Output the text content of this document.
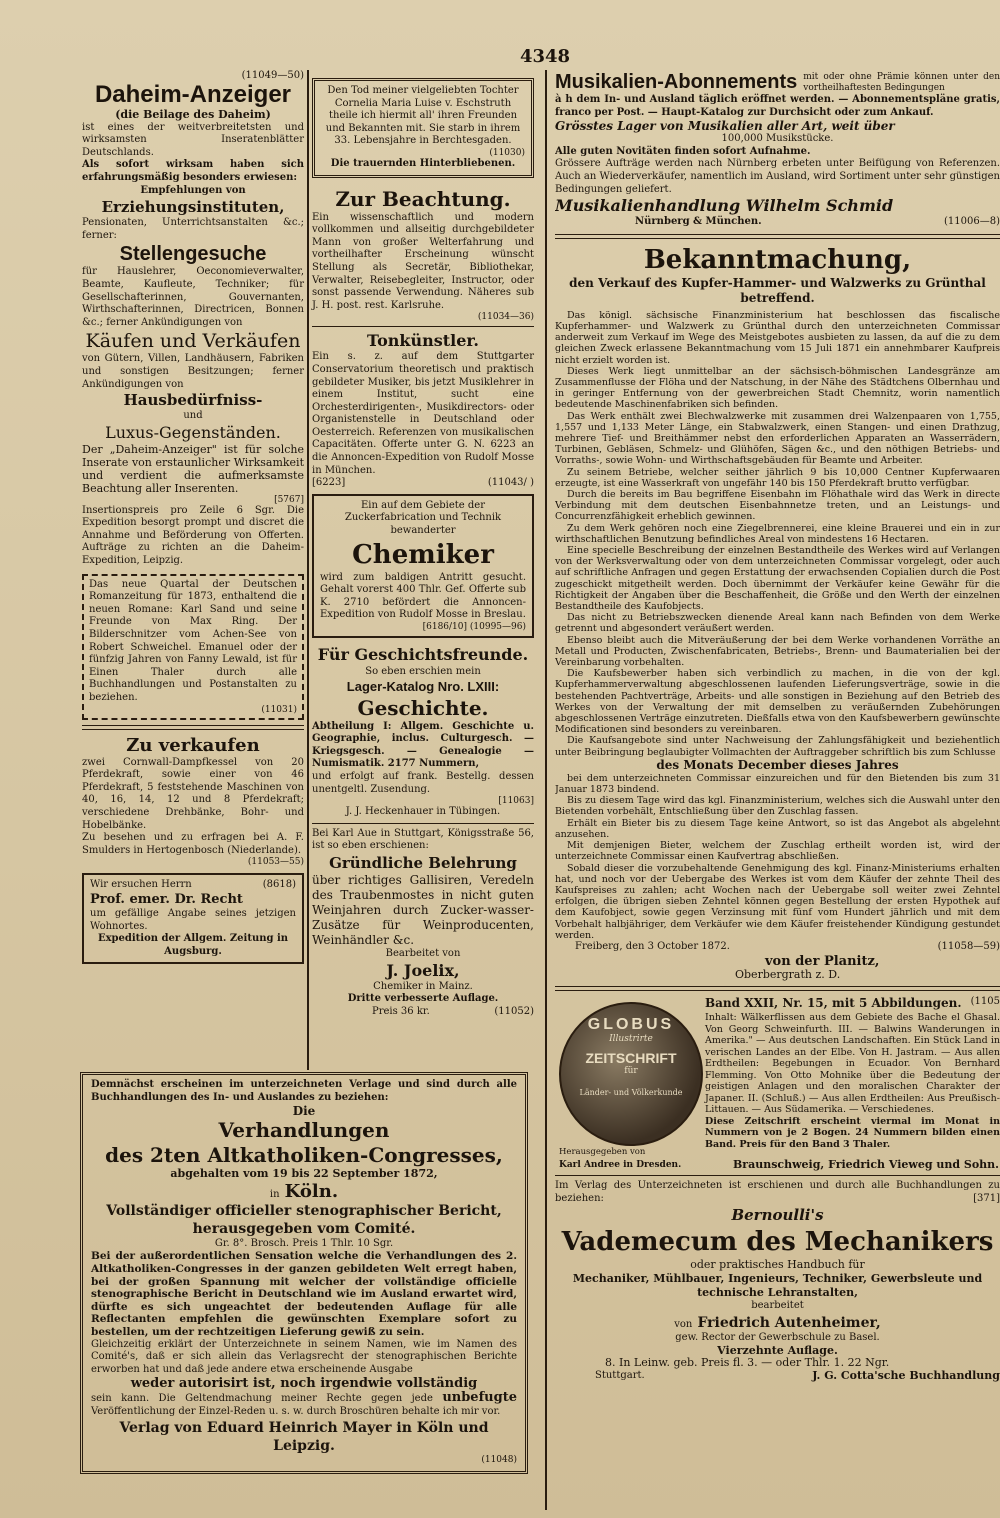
4348

(11049—50)

Daheim-Anzeiger

(die Beilage des Daheim)

ist eines der weitverbreitetsten und wirksamsten Inseratenblätter Deutschlands.

Als sofort wirksam haben sich erfahrungsmäßig besonders erwiesen:

Empfehlungen von

Erziehungsinstituten,

Pensionaten, Unterrichtsanstalten &c.; ferner:

Stellengesuche

für Hauslehrer, Oeconomieverwalter, Beamte, Kaufleute, Techniker; für Gesellschafterinnen, Gouvernanten, Wirthschafterinnen, Directricen, Bonnen &c.; ferner Ankündigungen von

Käufen und Verkäufen

von Gütern, Villen, Landhäusern, Fabriken und sonstigen Besitzungen; ferner Ankündigungen von

Hausbedürfniss-

und

Luxus-Gegenständen.

Der „Daheim-Anzeiger" ist für solche Inserate von erstaunlicher Wirksamkeit und verdient die aufmerksamste Beachtung aller Inserenten.

[5767]

Insertionspreis pro Zeile 6 Sgr. Die Expedition besorgt prompt und discret die Annahme und Beförderung von Offerten. Aufträge zu richten an die Daheim-Expedition, Leipzig.

Das neue Quartal der Deutschen Romanzeitung für 1873, enthaltend die neuen Romane: Karl Sand und seine Freunde von Max Ring. Der Bilderschnitzer vom Achen-See von Robert Schweichel. Emanuel oder der fünfzig Jahren von Fanny Lewald, ist für Einen Thaler durch alle Buchhandlungen und Postanstalten zu beziehen.

(11031)

Zu verkaufen

zwei Cornwall-Dampfkessel von 20 Pferdekraft, sowie einer von 46 Pferdekraft, 5 feststehende Maschinen von 40, 16, 14, 12 und 8 Pferdekraft; verschiedene Drehbänke, Bohr- und Hobelbänke.

Zu besehen und zu erfragen bei A. F. Smulders in Hertogenbosch (Niederlande).

(11053—55)

Wir ersuchen Herrn	(8618)

Prof. emer. Dr. Recht

um gefällige Angabe seines jetzigen Wohnortes.

Expedition der Allgem. Zeitung in Augsburg.

Den Tod meiner vielgeliebten Tochter Cornelia Maria Luise v. Eschstruth theile ich hiermit all' ihren Freunden und Bekannten mit. Sie starb in ihrem 33. Lebensjahre in Berchtesgaden.

(11030)

Die trauernden Hinterbliebenen.

Zur Beachtung.

Ein wissenschaftlich und modern vollkommen und allseitig durchgebildeter Mann von großer Welterfahrung und vortheilhafter Erscheinung wünscht Stellung als Secretär, Bibliothekar, Verwalter, Reisebegleiter, Instructor, oder sonst passende Verwendung. Näheres sub J. H. post. rest. Karlsruhe.

(11034—36)

Tonkünstler.

Ein s. z. auf dem Stuttgarter Conservatorium theoretisch und praktisch gebildeter Musiker, bis jetzt Musiklehrer in einem Institut, sucht eine Orchesterdirigenten-, Musikdirectors- oder Organistenstelle in Deutschland oder Oesterreich. Referenzen von musikalischen Capacitäten. Offerte unter G. N. 6223 an die Annoncen-Expedition von Rudolf Mosse in München.

[6223]	(11043/ )

Ein auf dem Gebiete der Zuckerfabrication und Technik bewanderter

Chemiker

wird zum baldigen Antritt gesucht. Gehalt vorerst 400 Thlr. Gef. Offerte sub K. 2710 befördert die Annoncen-Expedition von Rudolf Mosse in Breslau.

[6186/10] (10995—96)

Für Geschichtsfreunde.

So eben erschien mein

Lager-Katalog Nro. LXIII:
Geschichte.

Abtheilung I: Allgem. Geschichte u. Geographie, inclus. Culturgesch. — Kriegsgesch. — Genealogie — Numismatik. 2177 Nummern,

und erfolgt auf frank. Bestellg. dessen unentgeltl. Zusendung.

[11063]

J. J. Heckenhauer in Tübingen.

Bei Karl Aue in Stuttgart, Königsstraße 56, ist so eben erschienen:

Gründliche Belehrung

über richtiges Gallisiren, Veredeln des Traubenmostes in nicht guten Weinjahren durch Zucker-wasser-Zusätze für Weinproducenten, Weinhändler &c.

Bearbeitet von

J. Joelix,

Chemiker in Mainz.

Dritte verbesserte Auflage.

Preis 36 kr.	(11052)

Demnächst erscheinen im unterzeichneten Verlage und sind durch alle Buchhandlungen des In- und Auslandes zu beziehen:

Die
Verhandlungen
des 2ten Altkatholiken-Congresses,

abgehalten vom 19 bis 22 September 1872,

in Köln.
Vollständiger officieller stenographischer Bericht,
herausgegeben vom Comité.

Gr. 8°. Brosch. Preis 1 Thlr. 10 Sgr.

Bei der außerordentlichen Sensation welche die Verhandlungen des 2. Altkatholiken-Congresses in der ganzen gebildeten Welt erregt haben, bei der großen Spannung mit welcher der vollständige officielle stenographische Bericht in Deutschland wie im Ausland erwartet wird, dürfte es sich ungeachtet der bedeutenden Auflage für alle Reflectanten empfehlen die gewünschten Exemplare sofort zu bestellen, um der rechtzeitigen Lieferung gewiß zu sein.

Gleichzeitig erklärt der Unterzeichnete in seinem Namen, wie im Namen des Comité's, daß er sich allein das Verlagsrecht der stenographischen Berichte erworben hat und daß jede andere etwa erscheinende Ausgabe

weder autorisirt ist, noch irgendwie vollständig

sein kann. Die Geltendmachung meiner Rechte gegen jede unbefugte Veröffentlichung der Einzel-Reden u. s. w. durch Broschüren behalte ich mir vor.

Verlag von Eduard Heinrich Mayer in Köln und Leipzig.

(11048)

Musikalien-Abonnements mit oder ohne Prämie können unter den vortheilhaftesten Bedingungen

à h dem In- und Ausland täglich eröffnet werden. — Abonnementspläne gratis, franco per Post. — Haupt-Katalog zur Durchsicht oder zum Ankauf.

Grösstes Lager von Musikalien aller Art, weit über

100,000 Musikstücke.

Alle guten Novitäten finden sofort Aufnahme.

Grössere Aufträge werden nach Nürnberg erbeten unter Beifügung von Referenzen. Auch an Wiederverkäufer, namentlich im Ausland, wird Sortiment unter sehr günstigen Bedingungen geliefert.

Musikalienhandlung Wilhelm Schmid

Nürnberg & München.	(11006—8)

Bekanntmachung,

den Verkauf des Kupfer-Hammer- und Walzwerks zu Grünthal betreffend.

Das königl. sächsische Finanzministerium hat beschlossen das fiscalische Kupferhammer- und Walzwerk zu Grünthal durch den unterzeichneten Commissar anderweit zum Verkauf im Wege des Meistgebotes ausbieten zu lassen, da auf die zu dem gleichen Zweck erlassene Bekanntmachung vom 15 Juli 1871 ein annehmbarer Kaufpreis nicht erzielt worden ist.

Dieses Werk liegt unmittelbar an der sächsisch-böhmischen Landesgränze am Zusammenflusse der Flöha und der Natschung, in der Nähe des Städtchens Olbernhau und in geringer Entfernung von der gewerbreichen Stadt Chemnitz, worin namentlich bedeutende Maschinenfabriken sich befinden.

Das Werk enthält zwei Blechwalzwerke mit zusammen drei Walzenpaaren von 1,755, 1,557 und 1,133 Meter Länge, ein Stabwalzwerk, einen Stangen- und einen Drathzug, mehrere Tief- und Breithämmer nebst den erforderlichen Apparaten an Wasserrädern, Turbinen, Gebläsen, Schmelz- und Glühöfen, Sägen &c., und den nöthigen Betriebs- und Vorraths-, sowie Wohn- und Wirthschaftsgebäuden für Beamte und Arbeiter.

Zu seinem Betriebe, welcher seither jährlich 9 bis 10,000 Centner Kupferwaaren erzeugte, ist eine Wasserkraft von ungefähr 140 bis 150 Pferdekraft brutto verfügbar.

Durch die bereits im Bau begriffene Eisenbahn im Flöhathale wird das Werk in directe Verbindung mit dem deutschen Eisenbahnnetze treten, und an Leistungs- und Concurrenzfähigkeit erheblich gewinnen.

Zu dem Werk gehören noch eine Ziegelbrennerei, eine kleine Brauerei und ein in zur wirthschaftlichen Benutzung befindliches Areal von mindestens 16 Hectaren.

Eine specielle Beschreibung der einzelnen Bestandtheile des Werkes wird auf Verlangen von der Werksverwaltung oder von dem unterzeichneten Commissar vorgelegt, oder auch auf schriftliche Anfragen und gegen Erstattung der erwachsenden Copialien durch die Post zugeschickt mitgetheilt werden. Doch übernimmt der Verkäufer keine Gewähr für die Richtigkeit der Angaben über die Beschaffenheit, die Größe und den Werth der einzelnen Bestandtheile des Kaufobjects.

Das nicht zu Betriebszwecken dienende Areal kann nach Befinden von dem Werke getrennt und abgesondert veräußert werden.

Ebenso bleibt auch die Mitveräußerung der bei dem Werke vorhandenen Vorräthe an Metall und Producten, Zwischenfabricaten, Betriebs-, Brenn- und Baumaterialien bei der Vereinbarung vorbehalten.

Die Kaufsbewerber haben sich verbindlich zu machen, in die von der kgl. Kupferhammerverwaltung abgeschlossenen laufenden Lieferungsverträge, sowie in die bestehenden Pachtverträge, Arbeits- und alle sonstigen in Beziehung auf den Betrieb des Werkes von der Verwaltung der mit demselben zu veräußernden Zubehörungen abgeschlossenen Verträge einzutreten. Dießfalls etwa von den Kaufsbewerbern gewünschte Modificationen sind besonders zu vereinbaren.

Die Kaufsangebote sind unter Nachweisung der Zahlungsfähigkeit und beziehentlich unter Beibringung beglaubigter Vollmachten der Auftraggeber schriftlich bis zum Schlusse

des Monats December dieses Jahres

bei dem unterzeichneten Commissar einzureichen und für den Bietenden bis zum 31 Januar 1873 bindend.

Bis zu diesem Tage wird das kgl. Finanzministerium, welches sich die Auswahl unter den Bietenden vorbehält, Entschließung über den Zuschlag fassen.

Erhält ein Bieter bis zu diesem Tage keine Antwort, so ist das Angebot als abgelehnt anzusehen.

Mit demjenigen Bieter, welchem der Zuschlag ertheilt worden ist, wird der unterzeichnete Commissar einen Kaufvertrag abschließen.

Sobald dieser die vorzubehaltende Genehmigung des kgl. Finanz-Ministeriums erhalten hat, und noch vor der Uebergabe des Werkes ist vom dem Käufer der zehnte Theil des Kaufspreises zu zahlen; acht Wochen nach der Uebergabe soll weiter zwei Zehntel erfolgen, die übrigen sieben Zehntel können gegen Bestellung der ersten Hypothek auf dem Kaufobject, sowie gegen Verzinsung mit fünf vom Hundert jährlich und mit dem Vorbehalt halbjähriger, dem Verkäufer wie dem Käufer freistehender Kündigung gestundet werden.

Freiberg, den 3 October 1872.	(11058—59)

von der Planitz,
Oberbergrath z. D.
Band XXII, Nr. 15, mit 5 Abbildungen. (1105
GLOBUS
Illustrirte
ZEITSCHRIFT
für
Länder- und Völkerkunde

Inhalt: Wälkerflissen aus dem Gebiete des Bache el Ghasal. Von Georg Schweinfurth. III. — Balwins Wanderungen in Amerika." — Aus deutschen Landschaften. Ein Stück Land in verischen Landes an der Elbe. Von H. Jastram. — Aus allen Erdtheilen: Begebungen in Ecuador. Von Bernhard Flemming. Von Otto Mohnike über die Bedeutung der geistigen Anlagen und den moralischen Charakter der Japaner. II. (Schluß.) — Aus allen Erdtheilen: Aus Preußisch-Littauen. — Aus Südamerika. — Verschiedenes.

Diese Zeitschrift erscheint viermal im Monat in Nummern von je 2 Bogen. 24 Nummern bilden einen Band. Preis für den Band 3 Thaler.

Herausgegeben von

Karl Andree in Dresden.	Braunschweig, Friedrich Vieweg und Sohn.

Im Verlag des Unterzeichneten ist erschienen und durch alle Buchhandlungen zu beziehen:	[371]

Bernoulli's
Vademecum des Mechanikers

oder praktisches Handbuch für

Mechaniker, Mühlbauer, Ingenieurs, Techniker, Gewerbsleute und technische Lehranstalten,

bearbeitet

von Friedrich Autenheimer,

gew. Rector der Gewerbschule zu Basel.

Vierzehnte Auflage.

8. In Leinw. geb. Preis fl. 3. — oder Thlr. 1. 22 Ngr.

Stuttgart.	J. G. Cotta'sche Buchhandlung
